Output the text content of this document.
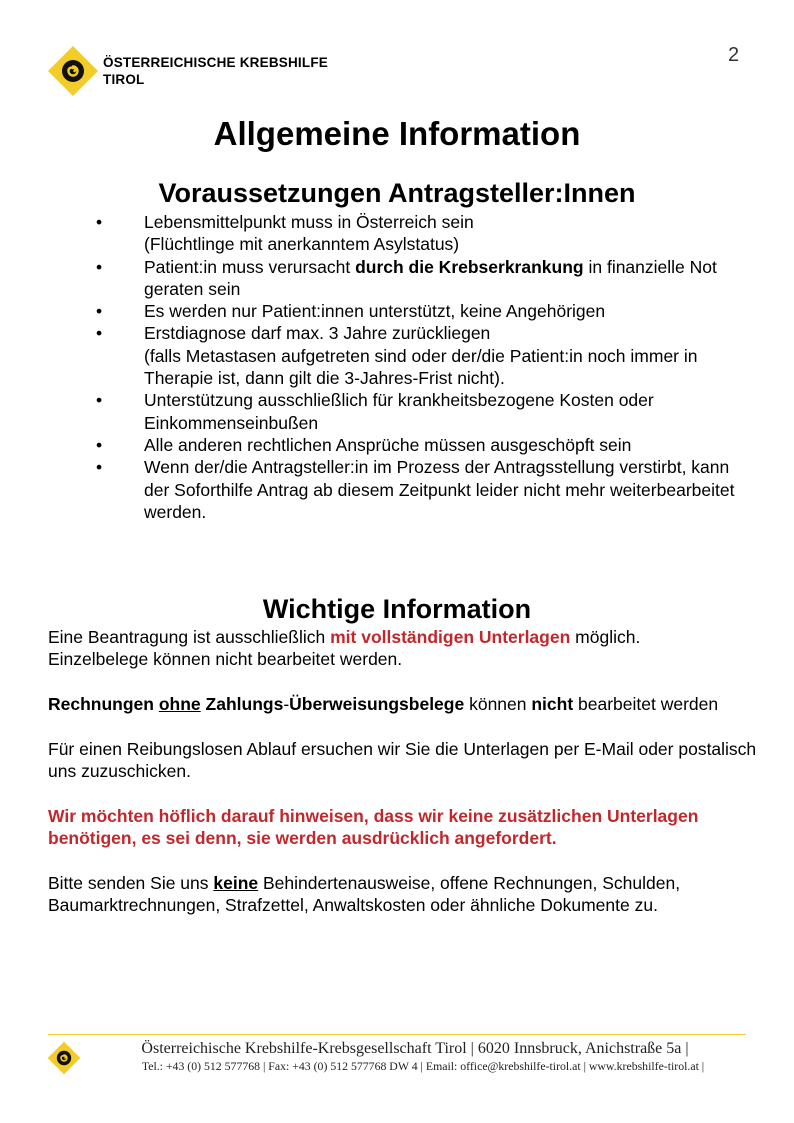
ÖSTERREICHISCHE KREBSHILFE
TIROL
2
Allgemeine Information
Voraussetzungen Antragsteller:Innen
• Lebensmittelpunkt muss in Österreich sein
(Flüchtlinge mit anerkanntem Asylstatus)
• Patient:in muss verursacht durch die Krebserkrankung in finanzielle Not geraten sein
• Es werden nur Patient:innen unterstützt, keine Angehörigen
• Erstdiagnose darf max. 3 Jahre zurückliegen
(falls Metastasen aufgetreten sind oder der/die Patient:in noch immer in Therapie ist, dann gilt die 3-Jahres-Frist nicht).
• Unterstützung ausschließlich für krankheitsbezogene Kosten oder Einkommenseinbußen
• Alle anderen rechtlichen Ansprüche müssen ausgeschöpft sein
• Wenn der/die Antragsteller:in im Prozess der Antragsstellung verstirbt, kann der Soforthilfe Antrag ab diesem Zeitpunkt leider nicht mehr weiterbearbeitet werden.
Wichtige Information
Eine Beantragung ist ausschließlich mit vollständigen Unterlagen möglich.
Einzelbelege können nicht bearbeitet werden.
Rechnungen ohne Zahlungs-Überweisungsbelege können nicht bearbeitet werden
Für einen Reibungslosen Ablauf ersuchen wir Sie die Unterlagen per E-Mail oder postalisch uns zuzuschicken.
Wir möchten höflich darauf hinweisen, dass wir keine zusätzlichen Unterlagen benötigen, es sei denn, sie werden ausdrücklich angefordert.
Bitte senden Sie uns keine Behindertenausweise, offene Rechnungen, Schulden, Baumarktrechnungen, Strafzettel, Anwaltskosten oder ähnliche Dokumente zu.
Österreichische Krebshilfe-Krebsgesellschaft Tirol | 6020 Innsbruck, Anichstraße 5a |
Tel.: +43 (0) 512 577768 | Fax: +43 (0) 512 577768 DW 4 | Email: office@krebshilfe-tirol.at | www.krebshilfe-tirol.at |
